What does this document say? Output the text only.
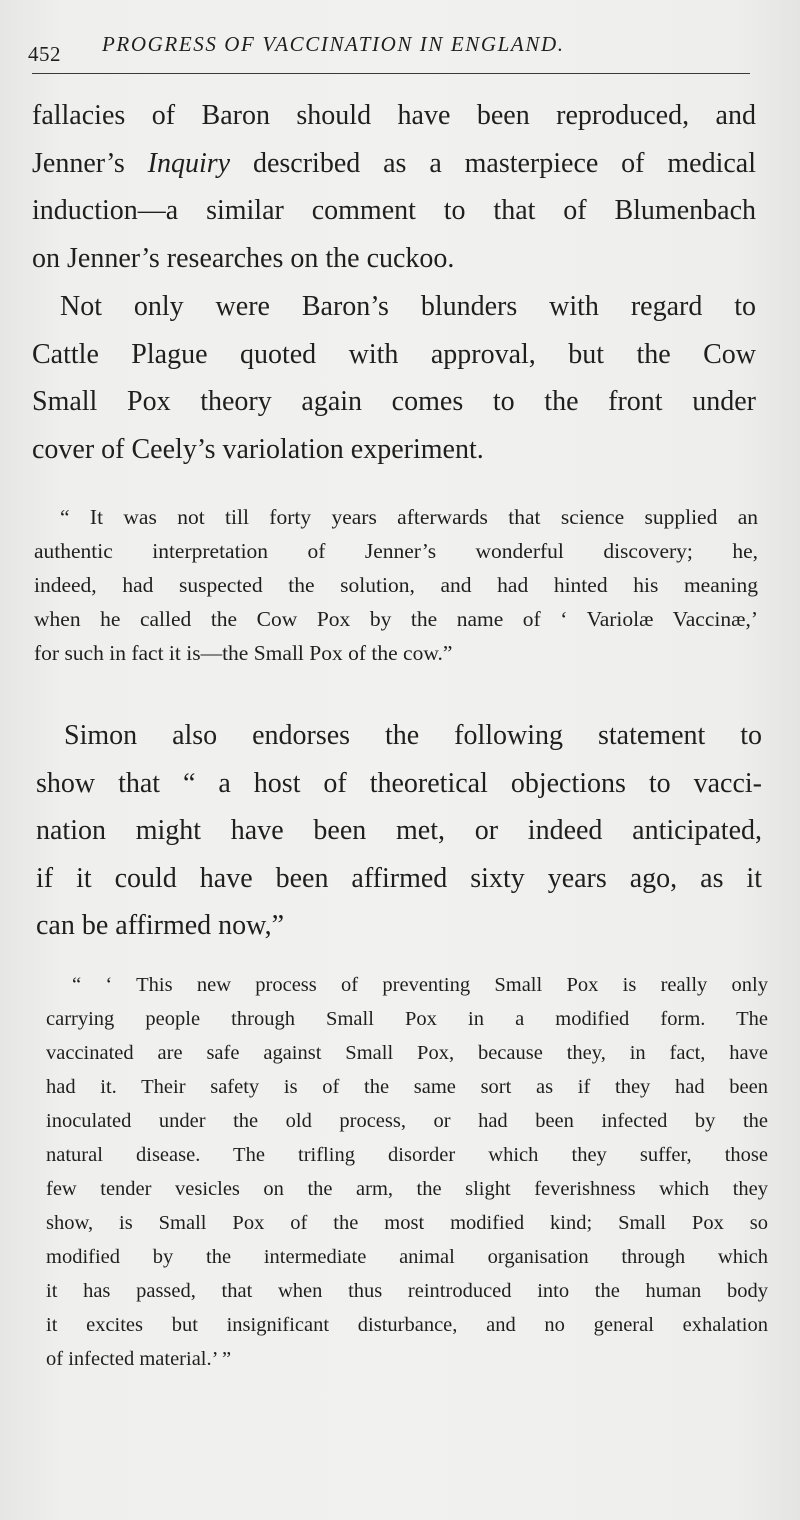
452 PROGRESS OF VACCINATION IN ENGLAND.
fallacies of Baron should have been reproduced, and
Jenner’s Inquiry described as a masterpiece of medical
induction—a similar comment to that of Blumenbach
on Jenner’s researches on the cuckoo.
Not only were Baron’s blunders with regard to
Cattle Plague quoted with approval, but the Cow
Small Pox theory again comes to the front under
cover of Ceely’s variolation experiment.
“ It was not till forty years afterwards that science supplied an
authentic interpretation of Jenner’s wonderful discovery; he,
indeed, had suspected the solution, and had hinted his meaning
when he called the Cow Pox by the name of ‘ Variolæ Vaccinæ,’
for such in fact it is—the Small Pox of the cow.”
Simon also endorses the following statement to
show that “ a host of theoretical objections to vacci-
nation might have been met, or indeed anticipated,
if it could have been affirmed sixty years ago, as it
can be affirmed now,”
“ ‘ This new process of preventing Small Pox is really only
carrying people through Small Pox in a modified form. The
vaccinated are safe against Small Pox, because they, in fact, have
had it. Their safety is of the same sort as if they had been
inoculated under the old process, or had been infected by the
natural disease. The trifling disorder which they suffer, those
few tender vesicles on the arm, the slight feverishness which they
show, is Small Pox of the most modified kind; Small Pox so
modified by the intermediate animal organisation through which
it has passed, that when thus reintroduced into the human body
it excites but insignificant disturbance, and no general exhalation
of infected material.’ ”
